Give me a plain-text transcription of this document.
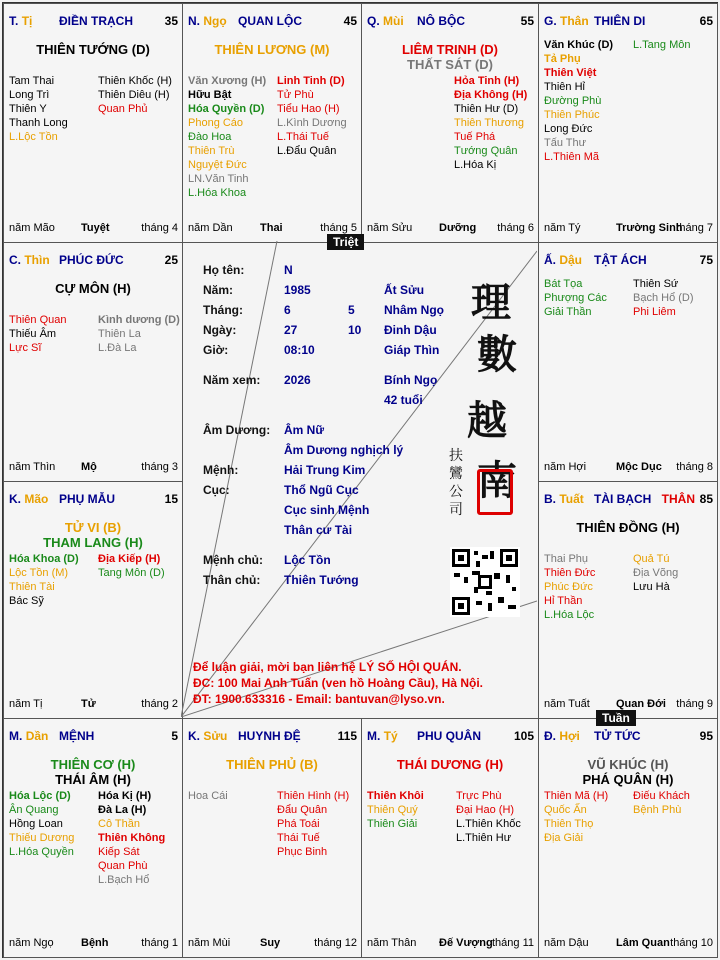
T. Tị ĐIỀN TRẠCH	35
THIÊN TƯỚNG (D)
Tam Thai
Long Trì
Thiên Y
Thanh Long
L.Lộc Tồn
Thiên Khốc (H)
Thiên Diêu (H)
Quan Phủ
năm Mão Tuyệt	tháng 4
N. Ngọ QUAN LỘC	45
THIÊN LƯƠNG (M)
Văn Xương (H)
Hữu Bật
Hóa Quyền (D)
Phong Cáo
Đào Hoa
Thiên Trù
Nguyệt Đức
LN.Văn Tinh
L.Hóa Khoa
Linh Tinh (D)
Tử Phù
Tiểu Hao (H)
L.Kình Dương
L.Thái Tuế
L.Đẩu Quân
năm Dần Thai	tháng 5
Q. Mùi NÔ BỘC	55
LIÊM TRINH (D)
THẤT SÁT (D)
Hỏa Tinh (H)
Địa Không (H)
Thiên Hư (D)
Thiên Thương
Tuế Phá
Tướng Quân
L.Hóa Kị
năm Sửu Dưỡng tháng 6
G. Thân THIÊN DI	65
Văn Khúc (D)
Tả Phụ
Thiên Việt
Thiên Hỉ
Đường Phù
Thiên Phúc
Long Đức
Tấu Thư
L.Thiên Mã
L.Tang Môn
năm Tý	Trường Sinh
tháng 7
C. Thìn PHÚC ĐỨC	25
CỰ MÔN (H)
Thiên Quan
Thiếu Âm
Lực Sĩ
Kình dương (D)
Thiên La
L.Đà La
năm Thìn Mộ	tháng 3
Ấ. Dậu TẬT ÁCH	75
Bát Tọa
Phượng Các
Giải Thần
Thiên Sứ
Bạch Hổ (D)
Phi Liêm
năm Hợi	Mộc Dục tháng 8
K. Mão PHỤ MẪU	15
TỬ VI (B)
THAM LANG (H)
Hóa Khoa (D)
Lộc Tồn (M)
Thiên Tài
Bác Sỹ
Địa Kiếp (H)
Tang Môn (D)
năm Tị	Tử	tháng 2
B. Tuất TÀI BẠCH THÂN 85
THIÊN ĐỒNG (H)
Thai Phụ
Thiên Đức
Phúc Đức
Hỉ Thần
L.Hóa Lộc
Quả Tú
Địa Võng
Lưu Hà
năm Tuất Quan Đới tháng 9
M. Dần MỆNH	5
THIÊN CƠ (H)
THÁI ÂM (H)
Hóa Lộc (D)
Ân Quang
Hồng Loan
Thiếu Dương
L.Hóa Quyền
Hóa Kị (H)
Đà La (H)
Cô Thần
Thiên Không
Kiếp Sát
Quan Phù
L.Bạch Hổ
năm Ngọ Bệnh	tháng 1
K. Sửu HUYNH ĐỆ	115
THIÊN PHỦ (B)
Hoa Cái	Thiên Hình (H)
Đẩu Quân
Phá Toái
Thái Tuế
Phục Binh
năm Mùi	Suy	tháng 12
M. Tý PHU QUÂN	105
THÁI DƯƠNG (H)
Thiên Khôi
Thiên Quý
Thiên Giải
Trực Phù
Đại Hao (H)
L.Thiên Khốc
L.Thiên Hư
năm Thân Đế Vượng tháng 11
Đ. Hợi TỬ TỨC	95
VŨ KHÚC (H)
PHÁ QUÂN (H)
Thiên Mã (H)
Quốc Ấn
Thiên Thọ
Địa Giải
Điếu Khách
Bệnh Phù
năm Dậu Lâm Quan tháng 10
Họ tên:	N
Năm:	1985	Ất Sửu
Tháng:	6	5 Nhâm Ngọ
Ngày:	27	10 Đinh Dậu
Giờ:	08:10	Giáp Thìn
Năm xem: 2026	Bính Ngọ
42 tuổi
Âm Dương: Âm Nữ
Âm Dương nghịch lý
Mệnh:	Hải Trung Kim
Cục:	Thổ Ngũ Cục
Cục sinh Mệnh
Thân cư Tài
Mệnh chủ: Lộc Tồn
Thân chủ: Thiên Tướng
理
數
越
南
扶鸞公司
Để luận giải, mời bạn liên hệ LÝ SỐ HỘI QUÁN.
ĐC: 100 Mai Anh Tuấn (ven hồ Hoàng Cầu), Hà Nội.
ĐT: 1900.633316 - Email: bantuvan@lyso.vn.
Triệt
Tuần
